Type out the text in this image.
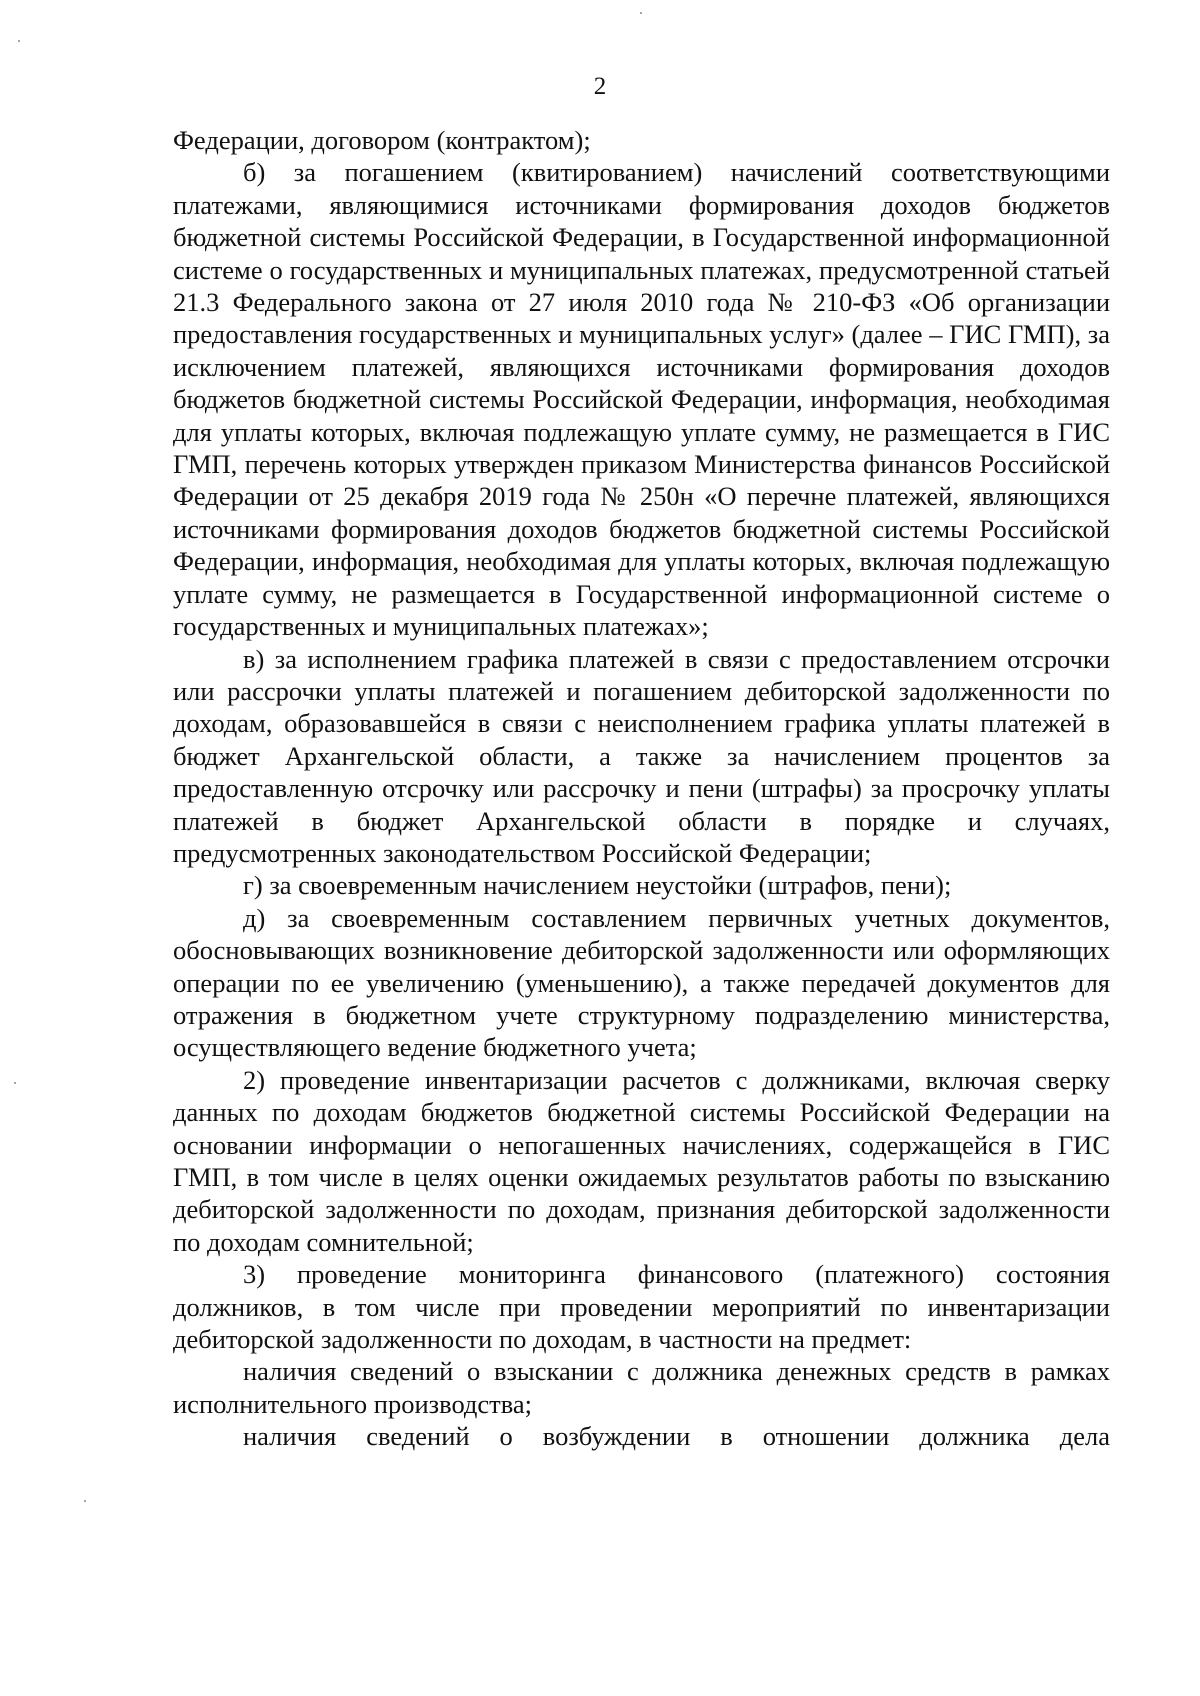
2

Федерации, договором (контрактом);

б) за погашением (квитированием) начислений соответствующими платежами, являющимися источниками формирования доходов бюджетов бюджетной системы Российской Федерации, в Государственной информационной системе о государственных и муниципальных платежах, предусмотренной статьей 21.3 Федерального закона от 27 июля 2010 года № 210-ФЗ «Об организации предоставления государственных и муниципальных услуг» (далее – ГИС ГМП), за исключением платежей, являющихся источниками формирования доходов бюджетов бюджетной системы Российской Федерации, информация, необходимая для уплаты которых, включая подлежащую уплате сумму, не размещается в ГИС ГМП, перечень которых утвержден приказом Министерства финансов Российской Федерации от 25 декабря 2019 года № 250н «О перечне платежей, являющихся источниками формирования доходов бюджетов бюджетной системы Российской Федерации, информация, необходимая для уплаты которых, включая подлежащую уплате сумму, не размещается в Государственной информационной системе о государственных и муниципальных платежах»;

в) за исполнением графика платежей в связи с предоставлением отсрочки или рассрочки уплаты платежей и погашением дебиторской задолженности по доходам, образовавшейся в связи с неисполнением графика уплаты платежей в бюджет Архангельской области, а также за начислением процентов за предоставленную отсрочку или рассрочку и пени (штрафы) за просрочку уплаты платежей в бюджет Архангельской области в порядке и случаях, предусмотренных законодательством Российской Федерации;

г) за своевременным начислением неустойки (штрафов, пени);

д) за своевременным составлением первичных учетных документов, обосновывающих возникновение дебиторской задолженности или оформляющих операции по ее увеличению (уменьшению), а также передачей документов для отражения в бюджетном учете структурному подразделению министерства, осуществляющего ведение бюджетного учета;

2) проведение инвентаризации расчетов с должниками, включая сверку данных по доходам бюджетов бюджетной системы Российской Федерации на основании информации о непогашенных начислениях, содержащейся в ГИС ГМП, в том числе в целях оценки ожидаемых результатов работы по взысканию дебиторской задолженности по доходам, признания дебиторской задолженности по доходам сомнительной;

3) проведение мониторинга финансового (платежного) состояния должников, в том числе при проведении мероприятий по инвентаризации дебиторской задолженности по доходам, в частности на предмет:

наличия сведений о взыскании с должника денежных средств в рамках исполнительного производства;

наличия сведений о возбуждении в отношении должника дела
